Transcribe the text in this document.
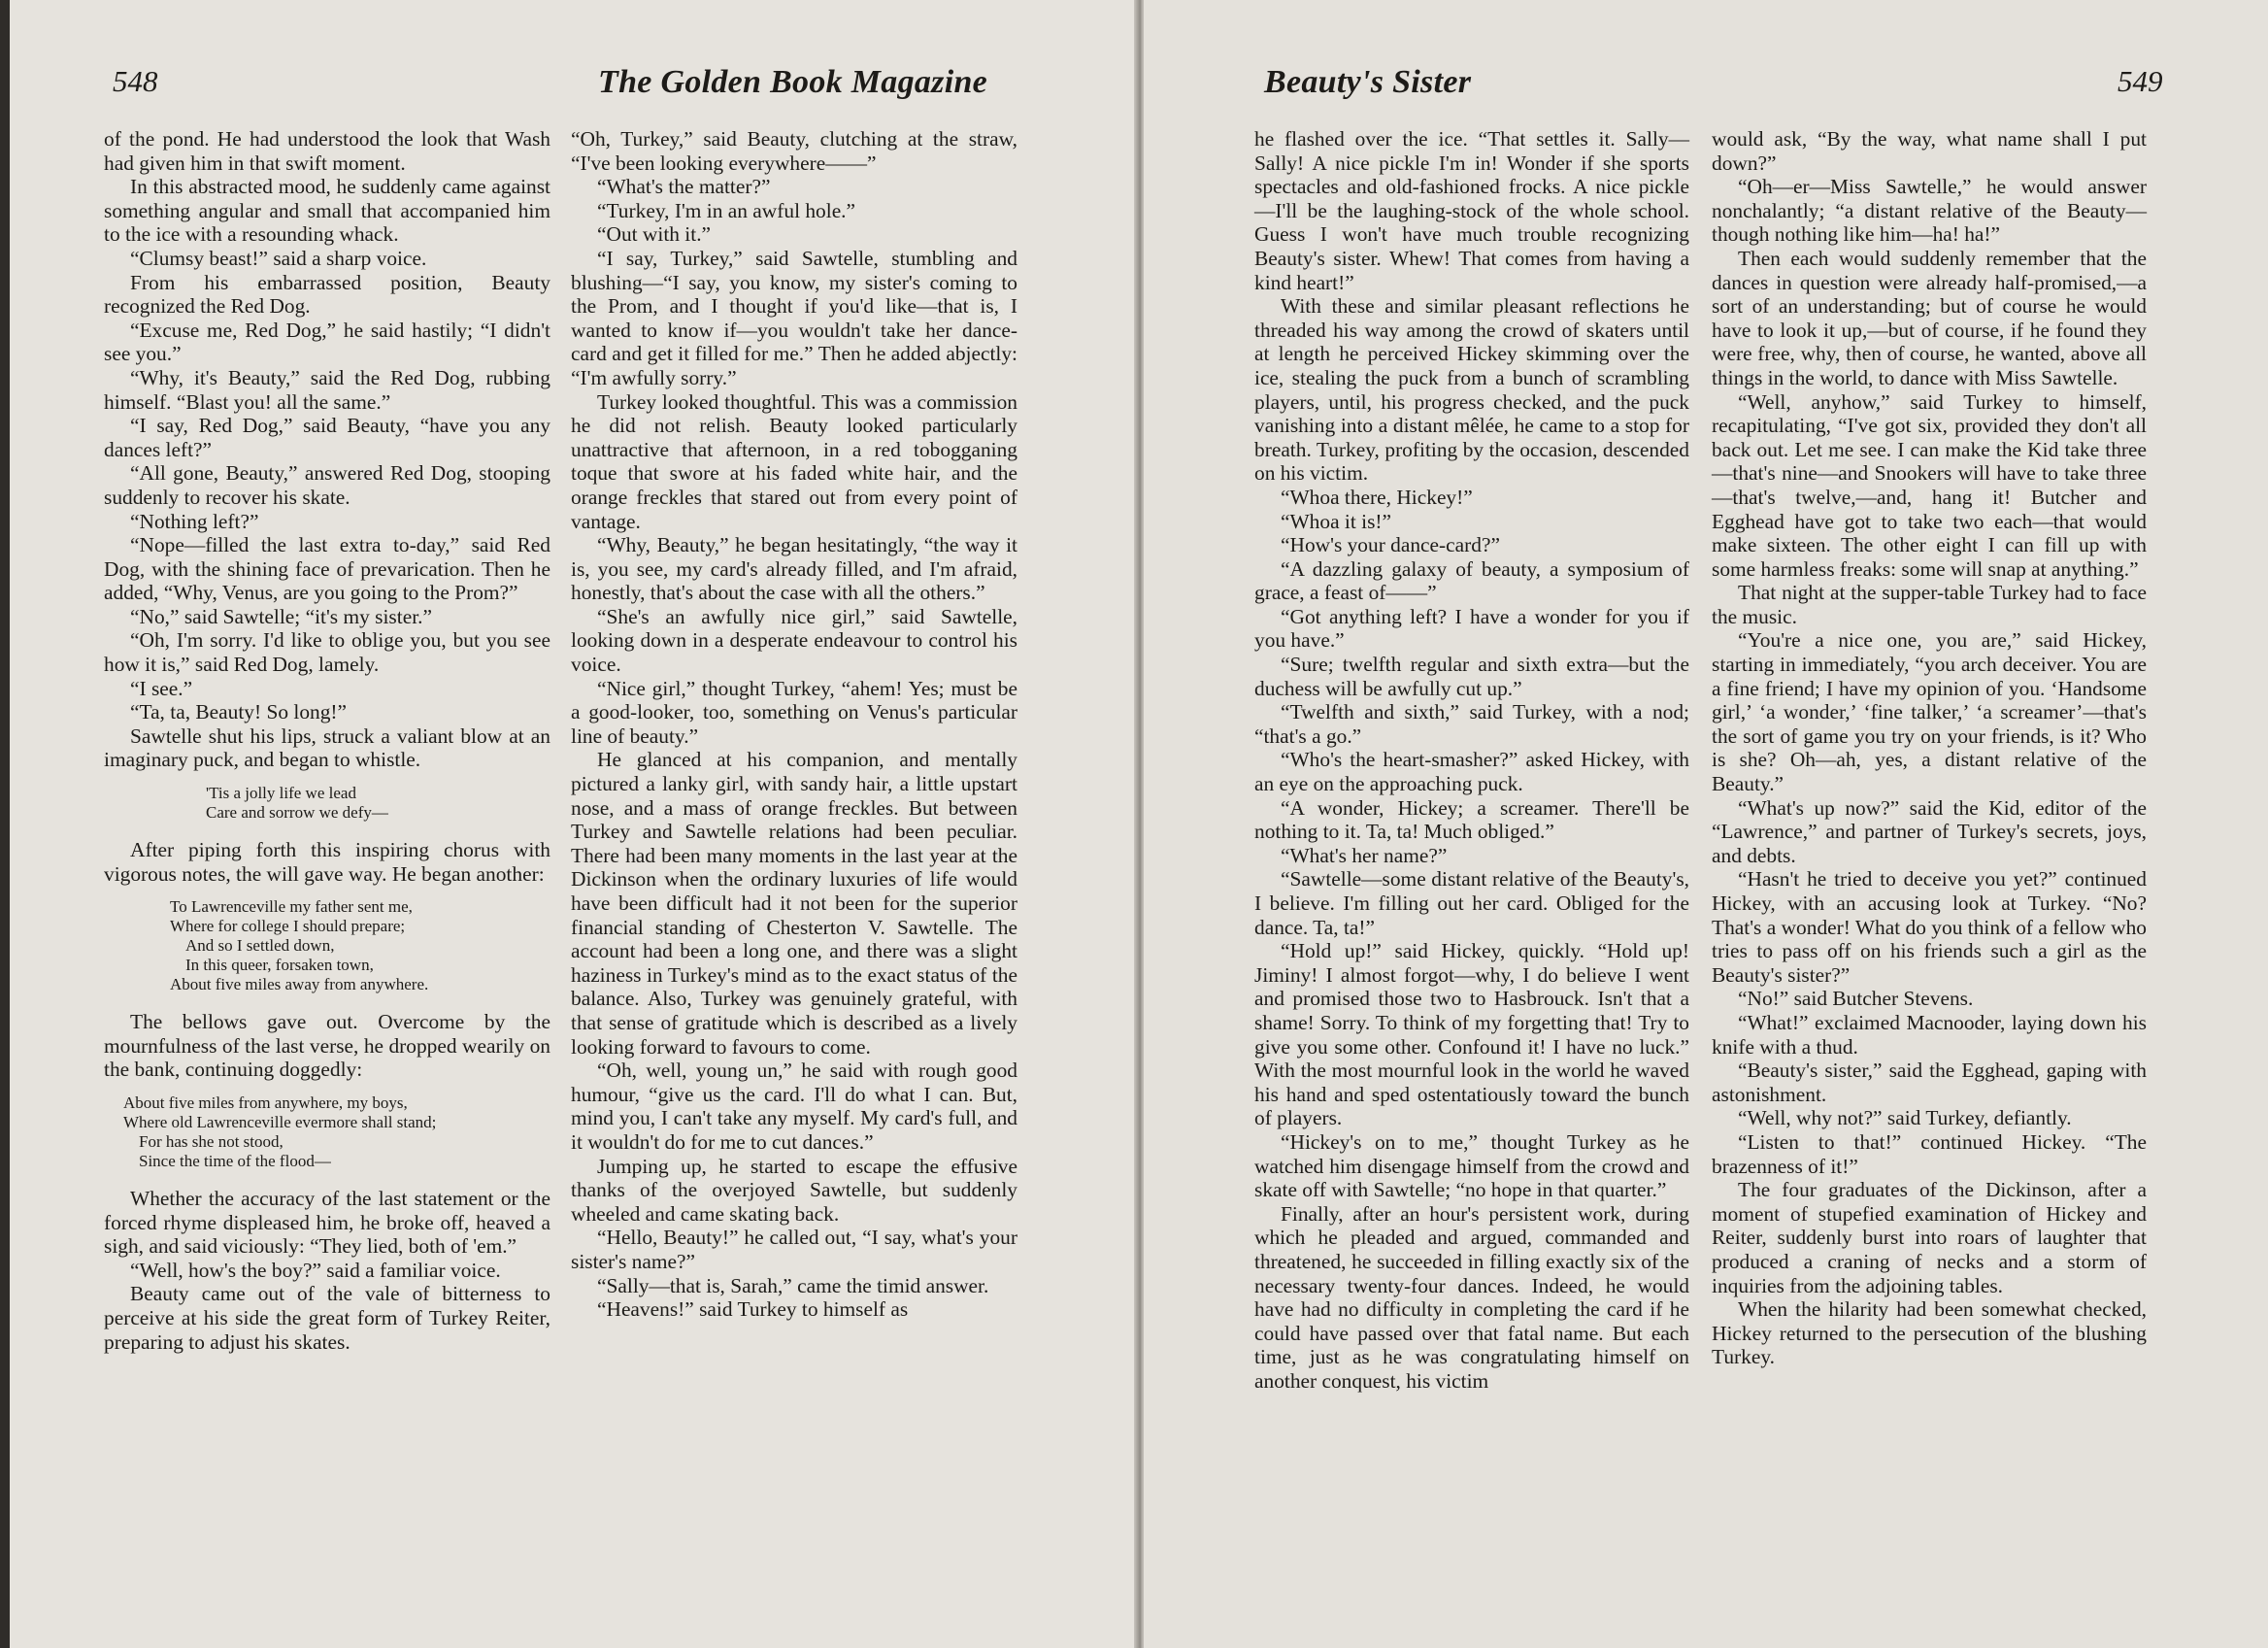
548	The Golden Book Magazine

of the pond. He had understood the look that Wash had given him in that swift moment.

In this abstracted mood, he suddenly came against something angular and small that accompanied him to the ice with a resounding whack.

“Clumsy beast!” said a sharp voice.

From his embarrassed position, Beauty recognized the Red Dog.

“Excuse me, Red Dog,” he said hastily; “I didn't see you.”

“Why, it's Beauty,” said the Red Dog, rubbing himself. “Blast you! all the same.”

“I say, Red Dog,” said Beauty, “have you any dances left?”

“All gone, Beauty,” answered Red Dog, stooping suddenly to recover his skate.

“Nothing left?”

“Nope—filled the last extra to-day,” said Red Dog, with the shining face of prevarication. Then he added, “Why, Venus, are you going to the Prom?”

“No,” said Sawtelle; “it's my sister.”

“Oh, I'm sorry. I'd like to oblige you, but you see how it is,” said Red Dog, lamely.

“I see.”

“Ta, ta, Beauty! So long!”

Sawtelle shut his lips, struck a valiant blow at an imaginary puck, and began to whistle.

'Tis a jolly life we lead
Care and sorrow we defy—

After piping forth this inspiring chorus with vigorous notes, the will gave way. He began another:

To Lawrenceville my father sent me,
Where for college I should prepare;
And so I settled down,
In this queer, forsaken town,
About five miles away from anywhere.

The bellows gave out. Overcome by the mournfulness of the last verse, he dropped wearily on the bank, continuing doggedly:

About five miles from anywhere, my boys,
Where old Lawrenceville evermore shall stand;
For has she not stood,
Since the time of the flood—

Whether the accuracy of the last statement or the forced rhyme displeased him, he broke off, heaved a sigh, and said viciously: “They lied, both of 'em.”

“Well, how's the boy?” said a familiar voice.

Beauty came out of the vale of bitterness to perceive at his side the great form of Turkey Reiter, preparing to adjust his skates.

“Oh, Turkey,” said Beauty, clutching at the straw, “I've been looking everywhere——”

“What's the matter?”

“Turkey, I'm in an awful hole.”

“Out with it.”

“I say, Turkey,” said Sawtelle, stumbling and blushing—“I say, you know, my sister's coming to the Prom, and I thought if you'd like—that is, I wanted to know if—you wouldn't take her dance-card and get it filled for me.” Then he added abjectly: “I'm awfully sorry.”

Turkey looked thoughtful. This was a commission he did not relish. Beauty looked particularly unattractive that afternoon, in a red tobogganing toque that swore at his faded white hair, and the orange freckles that stared out from every point of vantage.

“Why, Beauty,” he began hesitatingly, “the way it is, you see, my card's already filled, and I'm afraid, honestly, that's about the case with all the others.”

“She's an awfully nice girl,” said Sawtelle, looking down in a desperate endeavour to control his voice.

“Nice girl,” thought Turkey, “ahem! Yes; must be a good-looker, too, something on Venus's particular line of beauty.”

He glanced at his companion, and mentally pictured a lanky girl, with sandy hair, a little upstart nose, and a mass of orange freckles. But between Turkey and Sawtelle relations had been peculiar. There had been many moments in the last year at the Dickinson when the ordinary luxuries of life would have been difficult had it not been for the superior financial standing of Chesterton V. Sawtelle. The account had been a long one, and there was a slight haziness in Turkey's mind as to the exact status of the balance. Also, Turkey was genuinely grateful, with that sense of gratitude which is described as a lively looking forward to favours to come.

“Oh, well, young un,” he said with rough good humour, “give us the card. I'll do what I can. But, mind you, I can't take any myself. My card's full, and it wouldn't do for me to cut dances.”

Jumping up, he started to escape the effusive thanks of the overjoyed Sawtelle, but suddenly wheeled and came skating back.

“Hello, Beauty!” he called out, “I say, what's your sister's name?”

“Sally—that is, Sarah,” came the timid answer.

“Heavens!” said Turkey to himself as

Beauty's Sister	549

he flashed over the ice. “That settles it. Sally—Sally! A nice pickle I'm in! Wonder if she sports spectacles and old-fashioned frocks. A nice pickle—I'll be the laughing-stock of the whole school. Guess I won't have much trouble recognizing Beauty's sister. Whew! That comes from having a kind heart!”

With these and similar pleasant reflections he threaded his way among the crowd of skaters until at length he perceived Hickey skimming over the ice, stealing the puck from a bunch of scrambling players, until, his progress checked, and the puck vanishing into a distant mêlée, he came to a stop for breath. Turkey, profiting by the occasion, descended on his victim.

“Whoa there, Hickey!”

“Whoa it is!”

“How's your dance-card?”

“A dazzling galaxy of beauty, a symposium of grace, a feast of——”

“Got anything left? I have a wonder for you if you have.”

“Sure; twelfth regular and sixth extra—but the duchess will be awfully cut up.”

“Twelfth and sixth,” said Turkey, with a nod; “that's a go.”

“Who's the heart-smasher?” asked Hickey, with an eye on the approaching puck.

“A wonder, Hickey; a screamer. There'll be nothing to it. Ta, ta! Much obliged.”

“What's her name?”

“Sawtelle—some distant relative of the Beauty's, I believe. I'm filling out her card. Obliged for the dance. Ta, ta!”

“Hold up!” said Hickey, quickly. “Hold up! Jiminy! I almost forgot—why, I do believe I went and promised those two to Hasbrouck. Isn't that a shame! Sorry. To think of my forgetting that! Try to give you some other. Confound it! I have no luck.” With the most mournful look in the world he waved his hand and sped ostentatiously toward the bunch of players.

“Hickey's on to me,” thought Turkey as he watched him disengage himself from the crowd and skate off with Sawtelle; “no hope in that quarter.”

Finally, after an hour's persistent work, during which he pleaded and argued, commanded and threatened, he succeeded in filling exactly six of the necessary twenty-four dances. Indeed, he would have had no difficulty in completing the card if he could have passed over that fatal name. But each time, just as he was congratulating himself on another conquest, his victim

would ask, “By the way, what name shall I put down?”

“Oh—er—Miss Sawtelle,” he would answer nonchalantly; “a distant relative of the Beauty—though nothing like him—ha! ha!”

Then each would suddenly remember that the dances in question were already half-promised,—a sort of an understanding; but of course he would have to look it up,—but of course, if he found they were free, why, then of course, he wanted, above all things in the world, to dance with Miss Sawtelle.

“Well, anyhow,” said Turkey to himself, recapitulating, “I've got six, provided they don't all back out. Let me see. I can make the Kid take three—that's nine—and Snookers will have to take three—that's twelve,—and, hang it! Butcher and Egghead have got to take two each—that would make sixteen. The other eight I can fill up with some harmless freaks: some will snap at anything.”

That night at the supper-table Turkey had to face the music.

“You're a nice one, you are,” said Hickey, starting in immediately, “you arch deceiver. You are a fine friend; I have my opinion of you. ‘Handsome girl,’ ‘a wonder,’ ‘fine talker,’ ‘a screamer’—that's the sort of game you try on your friends, is it? Who is she? Oh—ah, yes, a distant relative of the Beauty.”

“What's up now?” said the Kid, editor of the “Lawrence,” and partner of Turkey's secrets, joys, and debts.

“Hasn't he tried to deceive you yet?” continued Hickey, with an accusing look at Turkey. “No? That's a wonder! What do you think of a fellow who tries to pass off on his friends such a girl as the Beauty's sister?”

“No!” said Butcher Stevens.

“What!” exclaimed Macnooder, laying down his knife with a thud.

“Beauty's sister,” said the Egghead, gaping with astonishment.

“Well, why not?” said Turkey, defiantly.

“Listen to that!” continued Hickey. “The brazenness of it!”

The four graduates of the Dickinson, after a moment of stupefied examination of Hickey and Reiter, suddenly burst into roars of laughter that produced a craning of necks and a storm of inquiries from the adjoining tables.

When the hilarity had been somewhat checked, Hickey returned to the persecution of the blushing Turkey.
